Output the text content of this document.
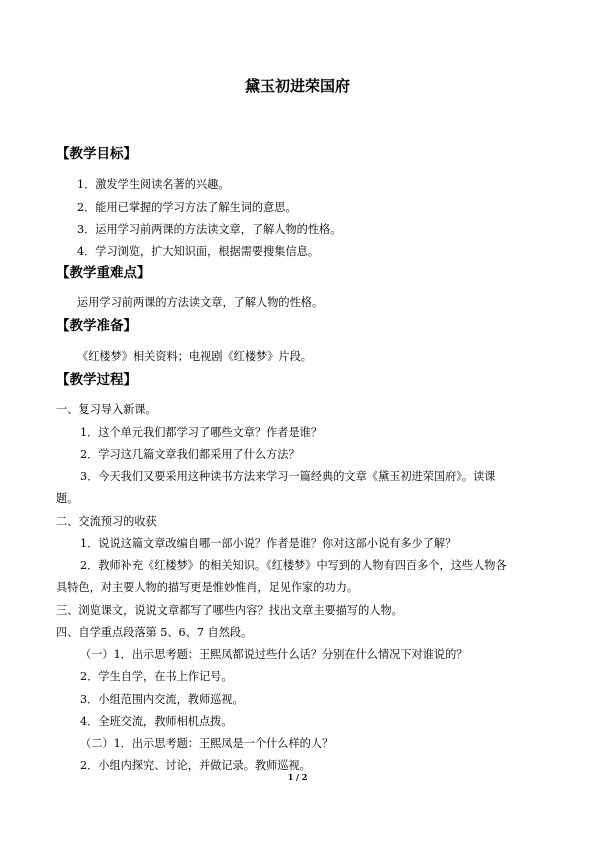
黛玉初进荣国府
【教学目标】
1．激发学生阅读名著的兴趣。
2．能用已掌握的学习方法了解生词的意思。
3．运用学习前两课的方法读文章，了解人物的性格。
4．学习浏览，扩大知识面，根据需要搜集信息。
【教学重难点】
运用学习前两课的方法读文章，了解人物的性格。
【教学准备】
《红楼梦》相关资料；电视剧《红楼梦》片段。
【教学过程】
一、复习导入新课。
1．这个单元我们都学习了哪些文章？作者是谁？
2．学习这几篇文章我们都采用了什么方法？
3．今天我们又要采用这种读书方法来学习一篇经典的文章《黛玉初进荣国府》。读课
题。
二、交流预习的收获
1．说说这篇文章改编自哪一部小说？作者是谁？你对这部小说有多少了解？
2．教师补充《红楼梦》的相关知识。《红楼梦》中写到的人物有四百多个，这些人物各
具特色，对主要人物的描写更是惟妙惟肖，足见作家的功力。
三、浏览课文，说说文章都写了哪些内容？找出文章主要描写的人物。
四、自学重点段落第 5、6、7 自然段。
（一）1．出示思考题：王熙凤都说过些什么话？分别在什么情况下对谁说的？
2．学生自学，在书上作记号。
3．小组范围内交流，教师巡视。
4．全班交流，教师相机点拨。
（二）1．出示思考题：王熙凤是一个什么样的人？
2．小组内探究、讨论，并做记录。教师巡视。
1 / 2
